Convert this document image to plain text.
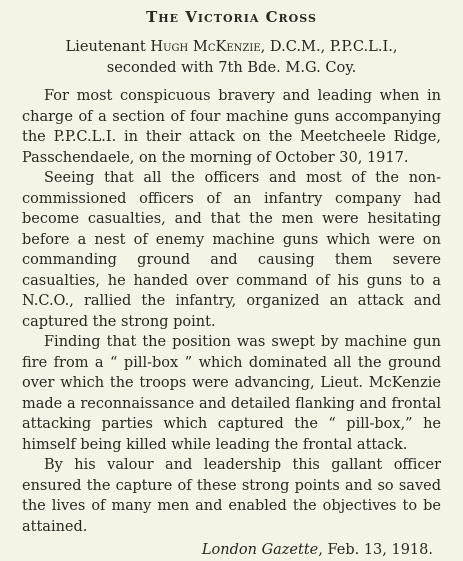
The Victoria Cross
Lieutenant Hugh McKenzie, D.C.M., P.P.C.L.I.,
seconded with 7th Bde. M.G. Coy.

For most conspicuous bravery and leading when in charge of a section of four machine guns accompanying the P.P.C.L.I. in their attack on the Meetcheele Ridge, Passchendaele, on the morning of October 30, 1917.

Seeing that all the officers and most of the non-commissioned officers of an infantry company had become casualties, and that the men were hesitating before a nest of enemy machine guns which were on commanding ground and causing them severe casualties, he handed over command of his guns to a N.C.O., rallied the infantry, organized an attack and captured the strong point.

Finding that the position was swept by machine gun fire from a “ pill-box ” which dominated all the ground over which the troops were advancing, Lieut. McKenzie made a reconnaissance and detailed flanking and frontal attacking parties which captured the “ pill-box,” he himself being killed while leading the frontal attack.

By his valour and leadership this gallant officer ensured the capture of these strong points and so saved the lives of many men and enabled the objectives to be attained.

London Gazette, Feb. 13, 1918.
